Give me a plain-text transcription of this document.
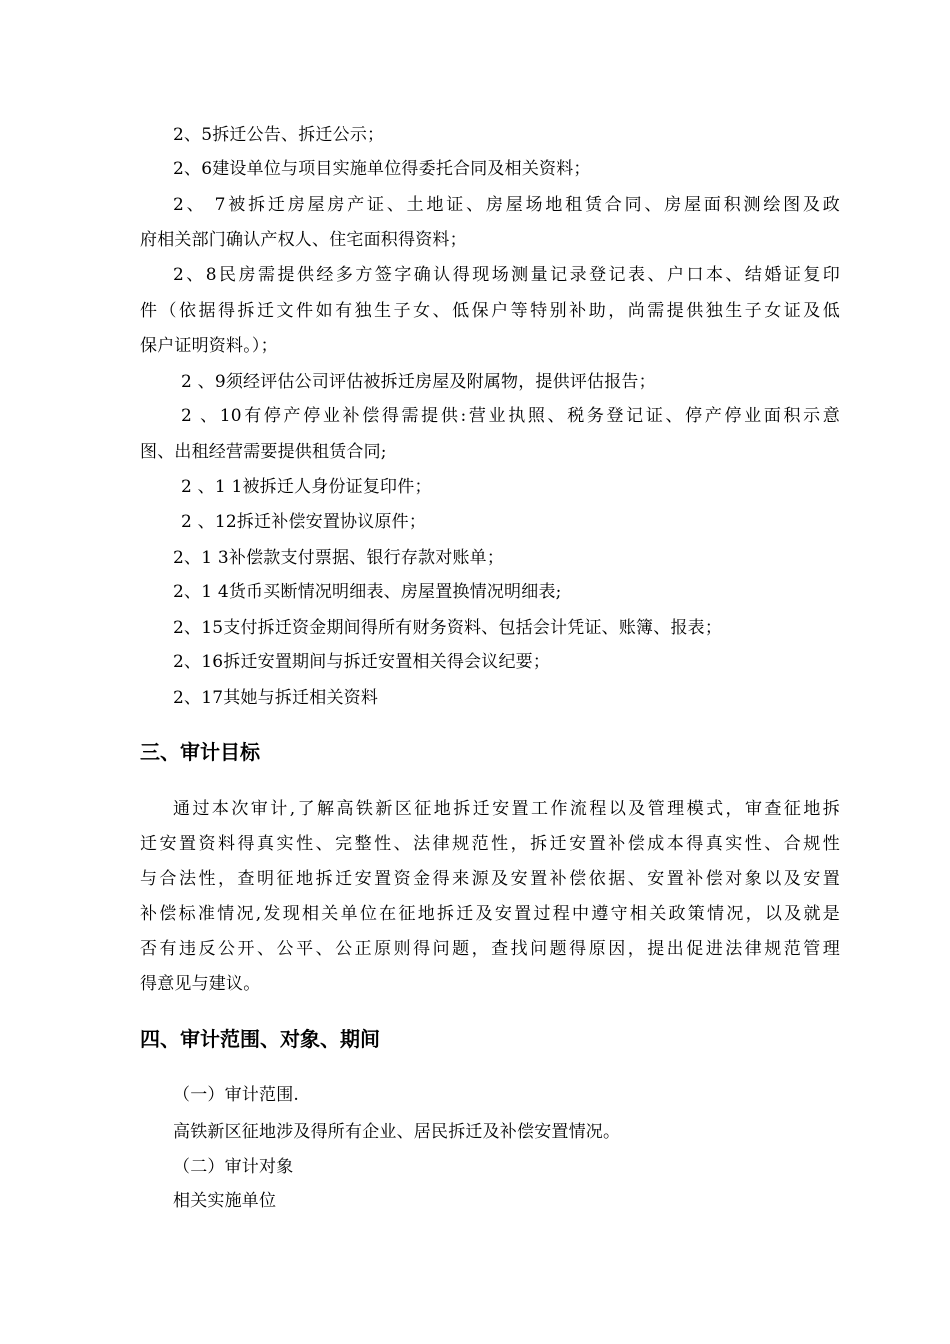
2、5拆迁公告、拆迁公示；
2、6建设单位与项目实施单位得委托合同及相关资料；
2、 7被拆迁房屋房产证、土地证、房屋场地租赁合同、房屋面积测绘图及政
府相关部门确认产权人、住宅面积得资料；
2、8民房需提供经多方签字确认得现场测量记录登记表、户口本、结婚证复印
件（依据得拆迁文件如有独生子女、低保户等特别补助，尚需提供独生子女证及低
保户证明资料。）；
2 、9须经评估公司评估被拆迁房屋及附属物，提供评估报告；
2 、10有停产停业补偿得需提供:营业执照、税务登记证、停产停业面积示意
图、出租经营需要提供租赁合同;
2 、1 1被拆迁人身份证复印件；
2 、12拆迁补偿安置协议原件；
2、1 3补偿款支付票据、银行存款对账单；
2、1 4货币买断情况明细表、房屋置换情况明细表;
2、15支付拆迁资金期间得所有财务资料、包括会计凭证、账簿、报表；
2、16拆迁安置期间与拆迁安置相关得会议纪要；
2、17其她与拆迁相关资料
三、审计目标
通过本次审计,了解高铁新区征地拆迁安置工作流程以及管理模式，审查征地拆
迁安置资料得真实性、完整性、法律规范性，拆迁安置补偿成本得真实性、合规性
与合法性，查明征地拆迁安置资金得来源及安置补偿依据、安置补偿对象以及安置
补偿标准情况,发现相关单位在征地拆迁及安置过程中遵守相关政策情况，以及就是
否有违反公开、公平、公正原则得问题，查找问题得原因，提出促进法律规范管理
得意见与建议。
四、审计范围、对象、期间
（一）审计范围.
高铁新区征地涉及得所有企业、居民拆迁及补偿安置情况。
（二）审计对象
相关实施单位
